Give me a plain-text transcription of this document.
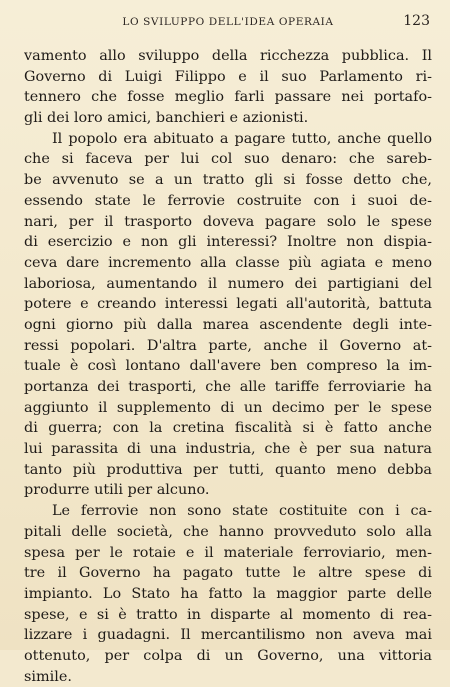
LO SVILUPPO DELL'IDEA OPERAIA	123
vamento allo sviluppo della ricchezza pubblica. Il
Governo di Luigi Filippo e il suo Parlamento ri-
tennero che fosse meglio farli passare nei portafo-
gli dei loro amici, banchieri e azionisti.
Il popolo era abituato a pagare tutto, anche quello
che si faceva per lui col suo denaro: che sareb-
be avvenuto se a un tratto gli si fosse detto che,
essendo state le ferrovie costruite con i suoi de-
nari, per il trasporto doveva pagare solo le spese
di esercizio e non gli interessi? Inoltre non dispia-
ceva dare incremento alla classe più agiata e meno
laboriosa, aumentando il numero dei partigiani del
potere e creando interessi legati all'autorità, battuta
ogni giorno più dalla marea ascendente degli inte-
ressi popolari. D'altra parte, anche il Governo at-
tuale è così lontano dall'avere ben compreso la im-
portanza dei trasporti, che alle tariffe ferroviarie ha
aggiunto il supplemento di un decimo per le spese
di guerra; con la cretina fiscalità si è fatto anche
lui parassita di una industria, che è per sua natura
tanto più produttiva per tutti, quanto meno debba
produrre utili per alcuno.
Le ferrovie non sono state costituite con i ca-
pitali delle società, che hanno provveduto solo alla
spesa per le rotaie e il materiale ferroviario, men-
tre il Governo ha pagato tutte le altre spese di
impianto. Lo Stato ha fatto la maggior parte delle
spese, e si è tratto in disparte al momento di rea-
lizzare i guadagni. Il mercantilismo non aveva mai
ottenuto, per colpa di un Governo, una vittoria
simile.
